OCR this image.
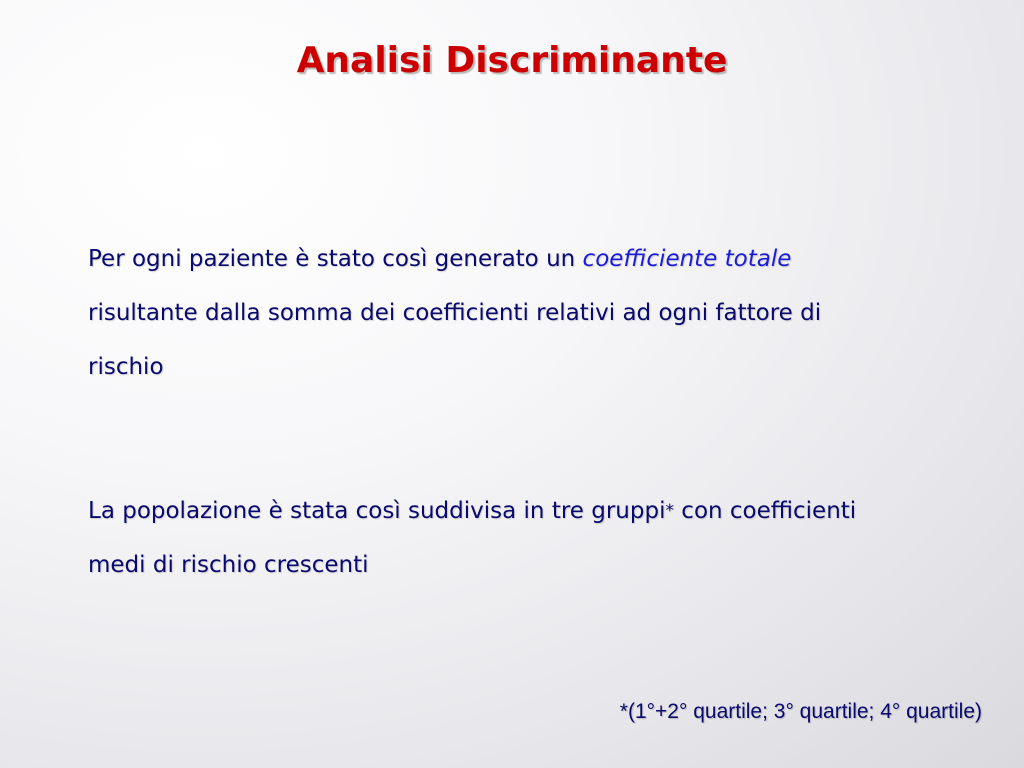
Analisi Discriminante

Per ogni paziente è stato così generato un coefficiente totale risultante dalla somma dei coefficienti relativi ad ogni fattore di rischio

La popolazione è stata così suddivisa in tre gruppi* con coefficienti medi di rischio crescenti

*(1°+2° quartile; 3° quartile; 4° quartile)
